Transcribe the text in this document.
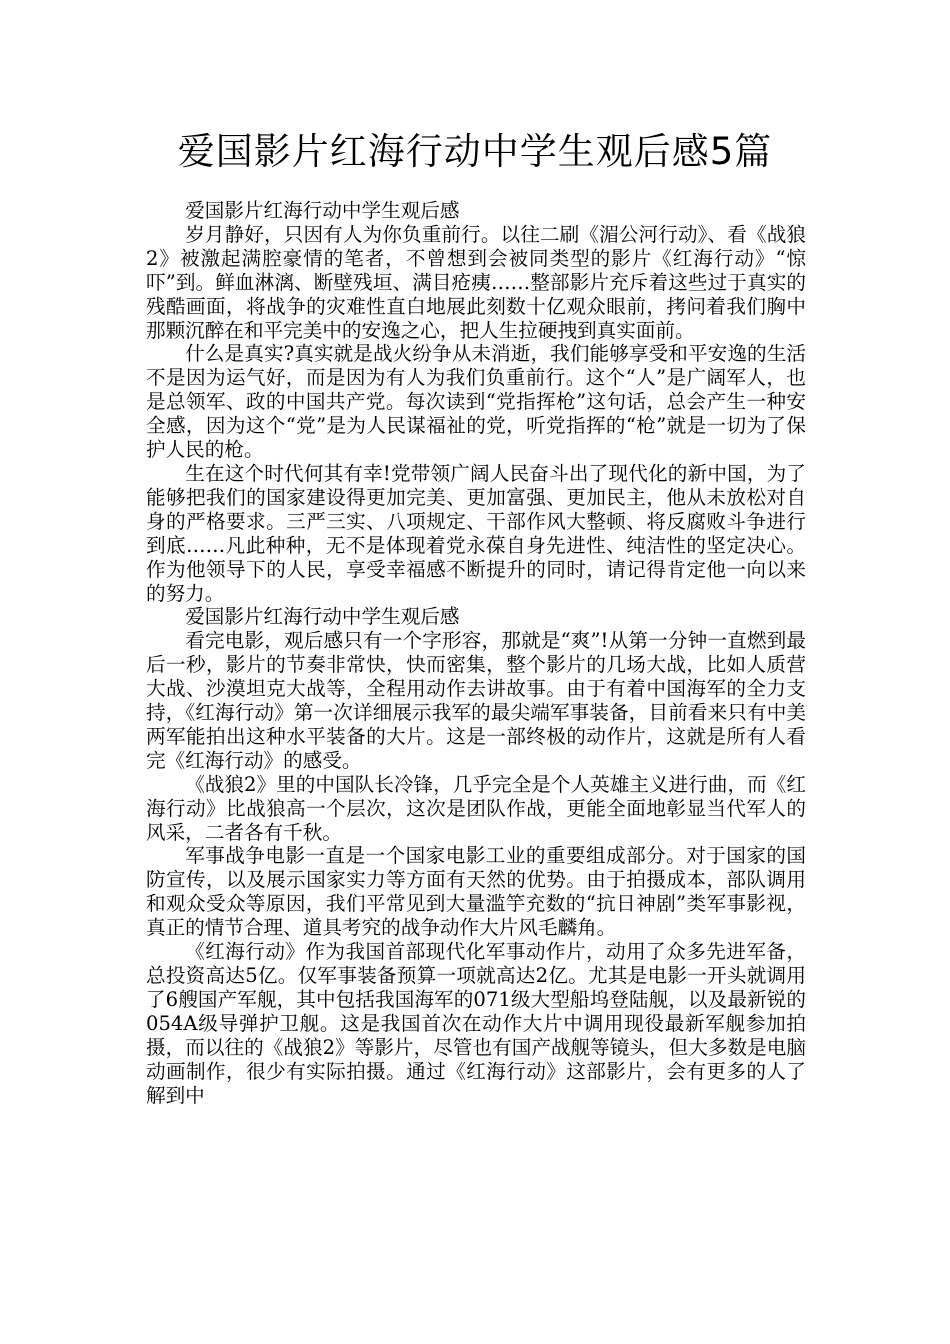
爱国影片红海行动中学生观后感5篇

爱国影片红海行动中学生观后感

岁月静好，只因有人为你负重前行。以往二刷《湄公河行动》、看《战狼2》被激起满腔豪情的笔者，不曾想到会被同类型的影片《红海行动》“惊吓”到。鲜血淋漓、断壁残垣、满目疮痍……整部影片充斥着这些过于真实的残酷画面，将战争的灾难性直白地展此刻数十亿观众眼前，拷问着我们胸中那颗沉醉在和平完美中的安逸之心，把人生拉硬拽到真实面前。

什么是真实?真实就是战火纷争从未消逝，我们能够享受和平安逸的生活不是因为运气好，而是因为有人为我们负重前行。这个“人”是广阔军人，也是总领军、政的中国共产党。每次读到“党指挥枪”这句话，总会产生一种安全感，因为这个“党”是为人民谋福祉的党，听党指挥的“枪”就是一切为了保护人民的枪。

生在这个时代何其有幸!党带领广阔人民奋斗出了现代化的新中国，为了能够把我们的国家建设得更加完美、更加富强、更加民主，他从未放松对自身的严格要求。三严三实、八项规定、干部作风大整顿、将反腐败斗争进行到底……凡此种种，无不是体现着党永葆自身先进性、纯洁性的坚定决心。作为他领导下的人民，享受幸福感不断提升的同时，请记得肯定他一向以来的努力。

爱国影片红海行动中学生观后感

看完电影，观后感只有一个字形容，那就是“爽”!从第一分钟一直燃到最后一秒，影片的节奏非常快，快而密集，整个影片的几场大战，比如人质营大战、沙漠坦克大战等，全程用动作去讲故事。由于有着中国海军的全力支持，《红海行动》第一次详细展示我军的最尖端军事装备，目前看来只有中美两军能拍出这种水平装备的大片。这是一部终极的动作片，这就是所有人看完《红海行动》的感受。

《战狼2》里的中国队长冷锋，几乎完全是个人英雄主义进行曲，而《红海行动》比战狼高一个层次，这次是团队作战，更能全面地彰显当代军人的风采，二者各有千秋。

军事战争电影一直是一个国家电影工业的重要组成部分。对于国家的国防宣传，以及展示国家实力等方面有天然的优势。由于拍摄成本，部队调用和观众受众等原因，我们平常见到大量滥竽充数的“抗日神剧”类军事影视，真正的情节合理、道具考究的战争动作大片风毛麟角。

《红海行动》作为我国首部现代化军事动作片，动用了众多先进军备，总投资高达5亿。仅军事装备预算一项就高达2亿。尤其是电影一开头就调用了6艘国产军舰，其中包括我国海军的071级大型船坞登陆舰，以及最新锐的054A级导弹护卫舰。这是我国首次在动作大片中调用现役最新军舰参加拍摄，而以往的《战狼2》等影片，尽管也有国产战舰等镜头，但大多数是电脑动画制作，很少有实际拍摄。通过《红海行动》这部影片，会有更多的人了解到中
